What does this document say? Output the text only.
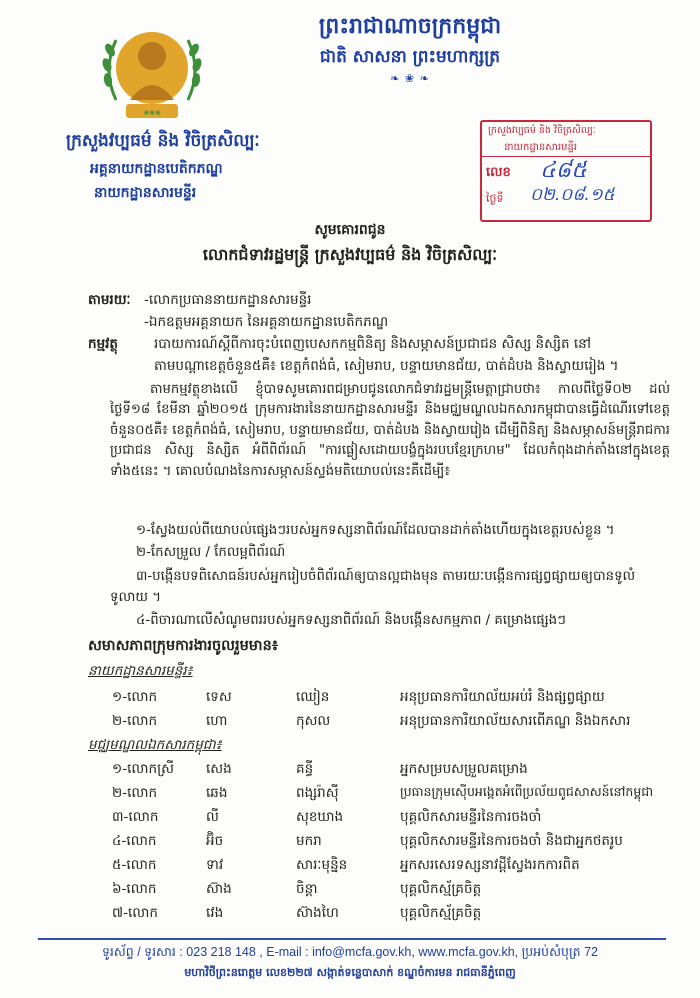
❀❀❀
ព្រះរាជាណាចក្រកម្ពុជា
ជាតិ សាសនា ព្រះមហាក្សត្រ
❧ ❀ ❧
ក្រសួងវប្បធម៌ និង វិចិត្រសិល្បៈ
អគ្គនាយកដ្ឋានបេតិកភណ្ឌ
នាយកដ្ឋានសារមន្ទីរ
ក្រសួងវប្បធម៌ និង វិចិត្រសិល្បៈ
នាយកដ្ឋានសារមន្ទីរ
លេខ ៤៨៥
ថ្ងៃទី ០២.០៨.១៥
សូមគោរពជូន
លោកជំទាវរដ្ឋមន្ត្រី ក្រសួងវប្បធម៌ និង វិចិត្រសិល្បៈ
តាមរយៈ -លោកប្រធាននាយកដ្ឋានសារមន្ទីរ
-ឯកឧត្តមអគ្គនាយក នៃអគ្គនាយកដ្ឋានបេតិកភណ្ឌ
កម្មវត្ថុ	របាយការណ៍ស្តីពីការចុះបំពេញបេសកកម្មពិនិត្យ និងសម្ភាសន៍ប្រជាជន សិស្ស និស្សិត នៅ
តាមបណ្តាខេត្តចំនួន៥គឺ៖ ខេត្តកំពង់ធំ, សៀមរាប, បន្ទាយមានជ័យ, បាត់ដំបង និងស្វាយរៀង ។
តាមកម្មវត្ថុខាងលើ ខ្ញុំបាទសូមគោរពជម្រាបជូនលោកជំទាវរដ្ឋមន្ត្រីមេត្តាជ្រាបថា៖ កាលពីថ្ងៃទី០២ ដល់ថ្ងៃទី១៨ ខែមីនា ឆ្នាំ២០១៥ ក្រុមការងារនៃនាយកដ្ឋានសារមន្ទីរ និងមជ្ឈមណ្ឌលឯកសារកម្ពុជាបានធ្វើដំណើរទៅខេត្តចំនួន០៥គឺ៖ ខេត្តកំពង់ធំ, សៀមរាប, បន្ទាយមានជ័យ, បាត់ដំបង និងស្វាយរៀង ដើម្បីពិនិត្យ និងសម្ភាសន៍មន្ត្រីរាជការ ប្រជាជន សិស្ស និស្សិត អំពីពិព័រណ៍ "ការផ្លៀសដោយបង្ខំក្នុងរបបខ្មែរក្រហម" ដែលកំពុងដាក់តាំងនៅក្នុងខេត្តទាំង៥នេះ ។ គោលបំណងនៃការសម្ភាសន៍ស្ទង់មតិយោបល់នេះគឺដើម្បី៖
១-ស្វែងយល់ពីយោបល់ផ្សេងៗរបស់អ្នកទស្សនាពិព័រណ៍ដែលបានដាក់តាំងហើយក្នុងខេត្តរបស់ខ្លួន ។
២-កែសម្រួល / កែលម្អពិព័រណ៍
៣-បង្កើនបទពិសោធន៍របស់អ្នករៀបចំពិព័រណ៍ឲ្យបានល្អជាងមុន តាមរយៈបង្កើនការផ្សព្វផ្សាយឲ្យបានទូលំទូលាយ ។
៤-ពិចារណាលើសំណូមពររបស់អ្នកទស្សនាពិព័រណ៍ និងបង្កើនសកម្មភាព / គម្រោងផ្សេងៗ
សមាសភាពក្រុមការងារចូលរួមមាន៖
នាយកដ្ឋានសារមន្ទីរ៖
១-លោក	ទេស	ឈៀន	អនុប្រធានការិយាល័យអប់រំ និងផ្សព្វផ្សាយ
២-លោក	ហោ	កុសល	អនុប្រធានការិយាល័យសារពើភណ្ឌ និងឯកសារ
មជ្ឈមណ្ឌលឯកសារកម្ពុជា៖
១-លោកស្រី សេង	គន្ធី	អ្នកសម្របសម្រួលគម្រោង
២-លោក	ឆេង	ពង្សរ៉ាស៊ី	ប្រធានក្រុមស៊ើបអង្កេតអំពើប្រល័យពូជសាសន៍នៅកម្ពុជា
៣-លោក	លី	សុខឃាង	បុគ្គលិកសារមន្ទីរនៃការចងចាំ
៤-លោក	អ៊ិច	មករា	បុគ្គលិកសារមន្ទីរនៃការចងចាំ និងជាអ្នកថតរូប
៥-លោក	ទាវ	សារៈមុន្និន	អ្នកសរសេរទស្សនាវដ្តីស្វែងរកការពិត
៦-លោក	ស៊ាង	ចិន្តា	បុគ្គលិកស្ម័គ្រចិត្ត
៧-លោក	វេង	ស៊ាងហៃ	បុគ្គលិកស្ម័គ្រចិត្ត
ទូរស័ព្ទ / ទូរសារ : 023 218 148 , E-mail : info@mcfa.gov.kh, www.mcfa.gov.kh, ប្រអប់សំបុត្រ 72
មហាវិថីព្រះនរោត្តម លេខ២២៧ សង្កាត់ទន្លេបាសាក់ ខណ្ឌចំការមន រាជធានីភ្នំពេញ
